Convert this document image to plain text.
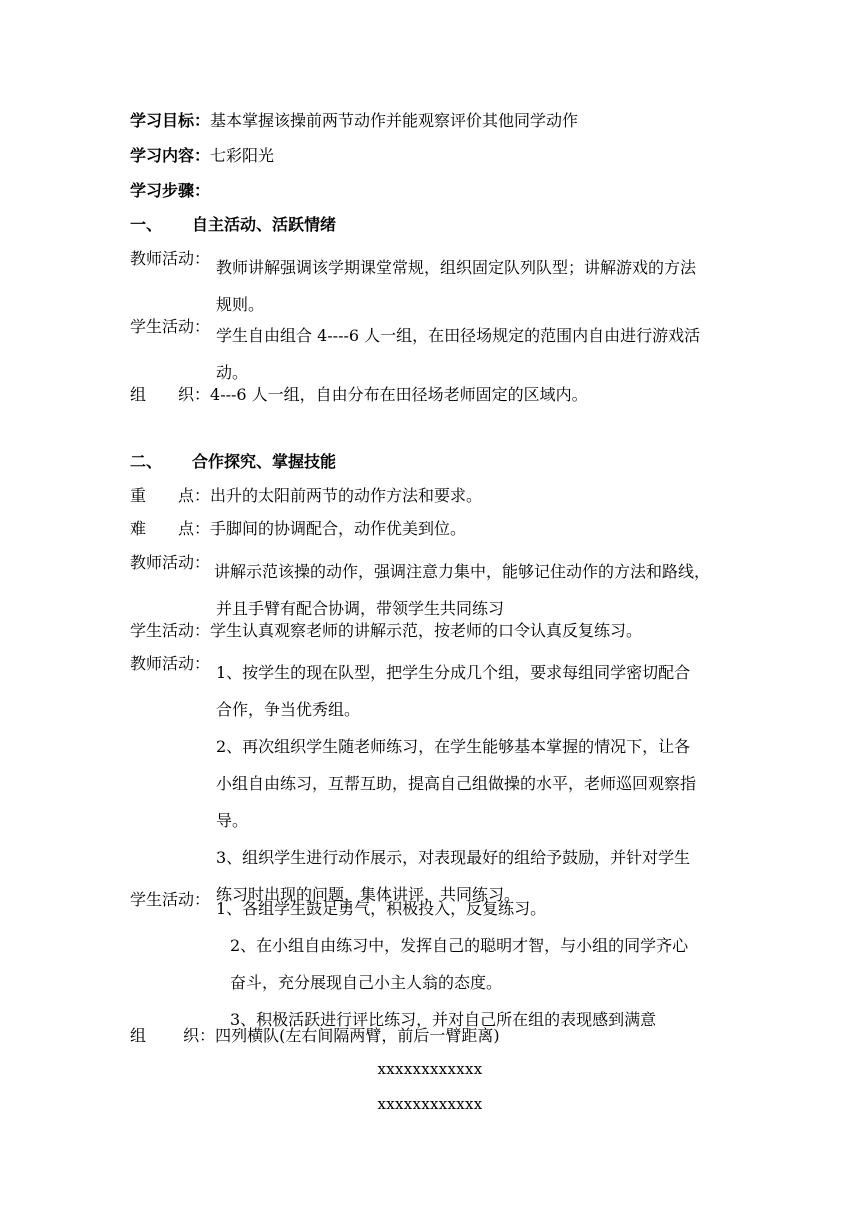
学习目标：基本掌握该操前两节动作并能观察评价其他同学动作
学习内容：七彩阳光
学习步骤：
一、 自主活动、活跃情绪
教师活动： 教师讲解强调该学期课堂常规，组织固定队列队型；讲解游戏的方法
规则。
学生活动： 学生自由组合 4----6 人一组，在田径场规定的范围内自由进行游戏活
动。
组　　织：4---6 人一组，自由分布在田径场老师固定的区域内。
二、 合作探究、掌握技能
重　　点：出升的太阳前两节的动作方法和要求。
难　　点：手脚间的协调配合，动作优美到位。
教师活动： 讲解示范该操的动作，强调注意力集中，能够记住动作的方法和路线，
并且手臂有配合协调，带领学生共同练习
学生活动：学生认真观察老师的讲解示范，按老师的口令认真反复练习。
教师活动： 1、按学生的现在队型，把学生分成几个组，要求每组同学密切配合
合作，争当优秀组。
2、再次组织学生随老师练习，在学生能够基本掌握的情况下，让各
小组自由练习，互帮互助，提高自己组做操的水平，老师巡回观察指
导。
3、组织学生进行动作展示，对表现最好的组给予鼓励，并针对学生
练习时出现的问题，集体讲评，共同练习。
学生活动： 1、各组学生鼓足勇气，积极投入，反复练习。
2、在小组自由练习中，发挥自己的聪明才智，与小组的同学齐心
奋斗，充分展现自己小主人翁的态度。
3、积极活跃进行评比练习，并对自己所在组的表现感到满意
组　　 织：四列横队(左右间隔两臂，前后一臂距离)
xxxxxxxxxxxx
xxxxxxxxxxxx
